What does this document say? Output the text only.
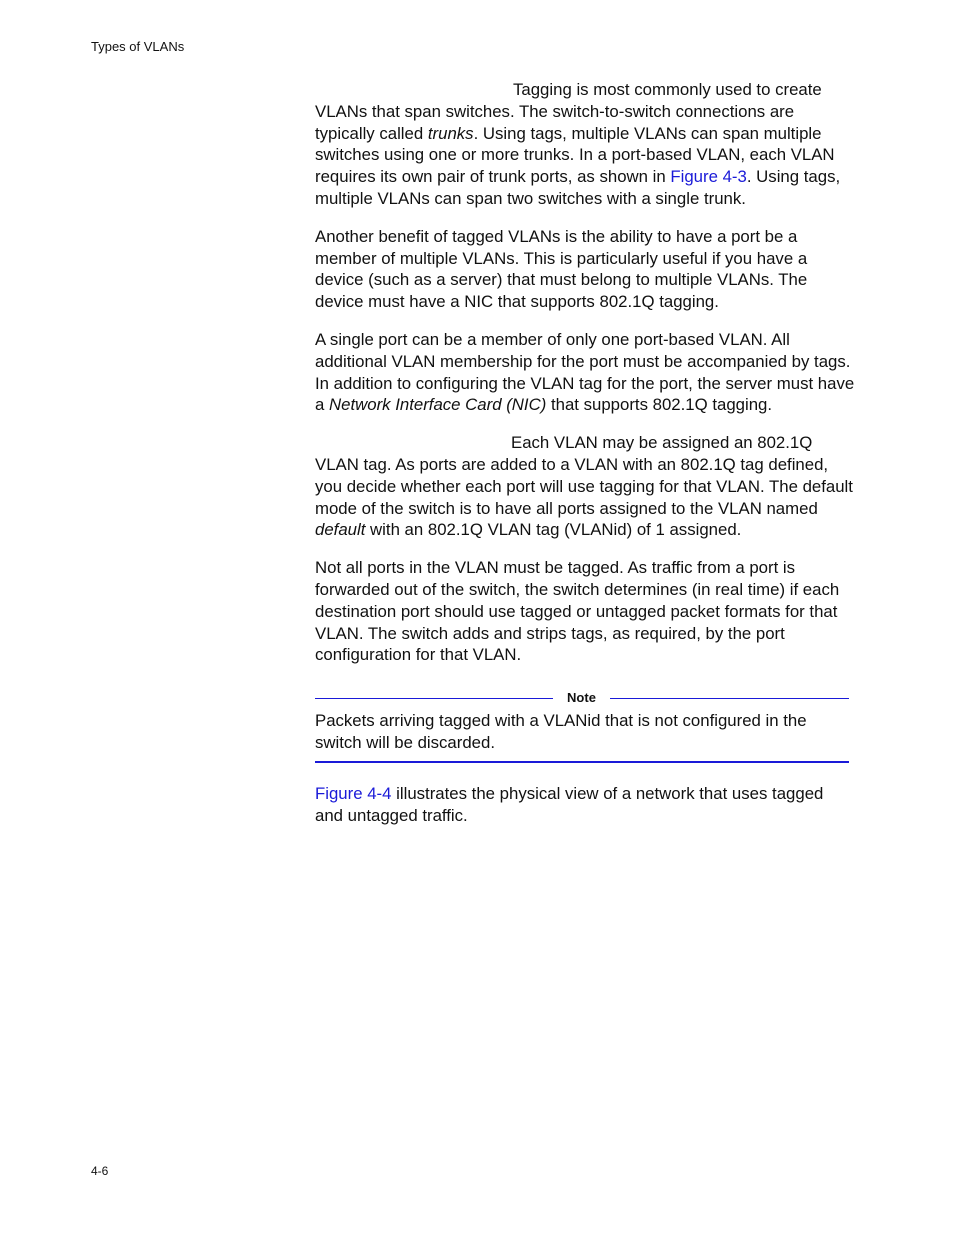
Types of VLANs

Tagging is most commonly used to create VLANs that span switches. The switch-to-switch connections are typically called trunks. Using tags, multiple VLANs can span multiple switches using one or more trunks. In a port-based VLAN, each VLAN requires its own pair of trunk ports, as shown in Figure 4-3. Using tags, multiple VLANs can span two switches with a single trunk.

Another benefit of tagged VLANs is the ability to have a port be a member of multiple VLANs. This is particularly useful if you have a device (such as a server) that must belong to multiple VLANs. The device must have a NIC that supports 802.1Q tagging.

A single port can be a member of only one port-based VLAN. All additional VLAN membership for the port must be accompanied by tags. In addition to configuring the VLAN tag for the port, the server must have a Network Interface Card (NIC) that supports 802.1Q tagging.

Each VLAN may be assigned an 802.1Q VLAN tag. As ports are added to a VLAN with an 802.1Q tag defined, you decide whether each port will use tagging for that VLAN. The default mode of the switch is to have all ports assigned to the VLAN named default with an 802.1Q VLAN tag (VLANid) of 1 assigned.

Not all ports in the VLAN must be tagged. As traffic from a port is forwarded out of the switch, the switch determines (in real time) if each destination port should use tagged or untagged packet formats for that VLAN. The switch adds and strips tags, as required, by the port configuration for that VLAN.

Note

Packets arriving tagged with a VLANid that is not configured in the switch will be discarded.

Figure 4-4 illustrates the physical view of a network that uses tagged and untagged traffic.

4-6
